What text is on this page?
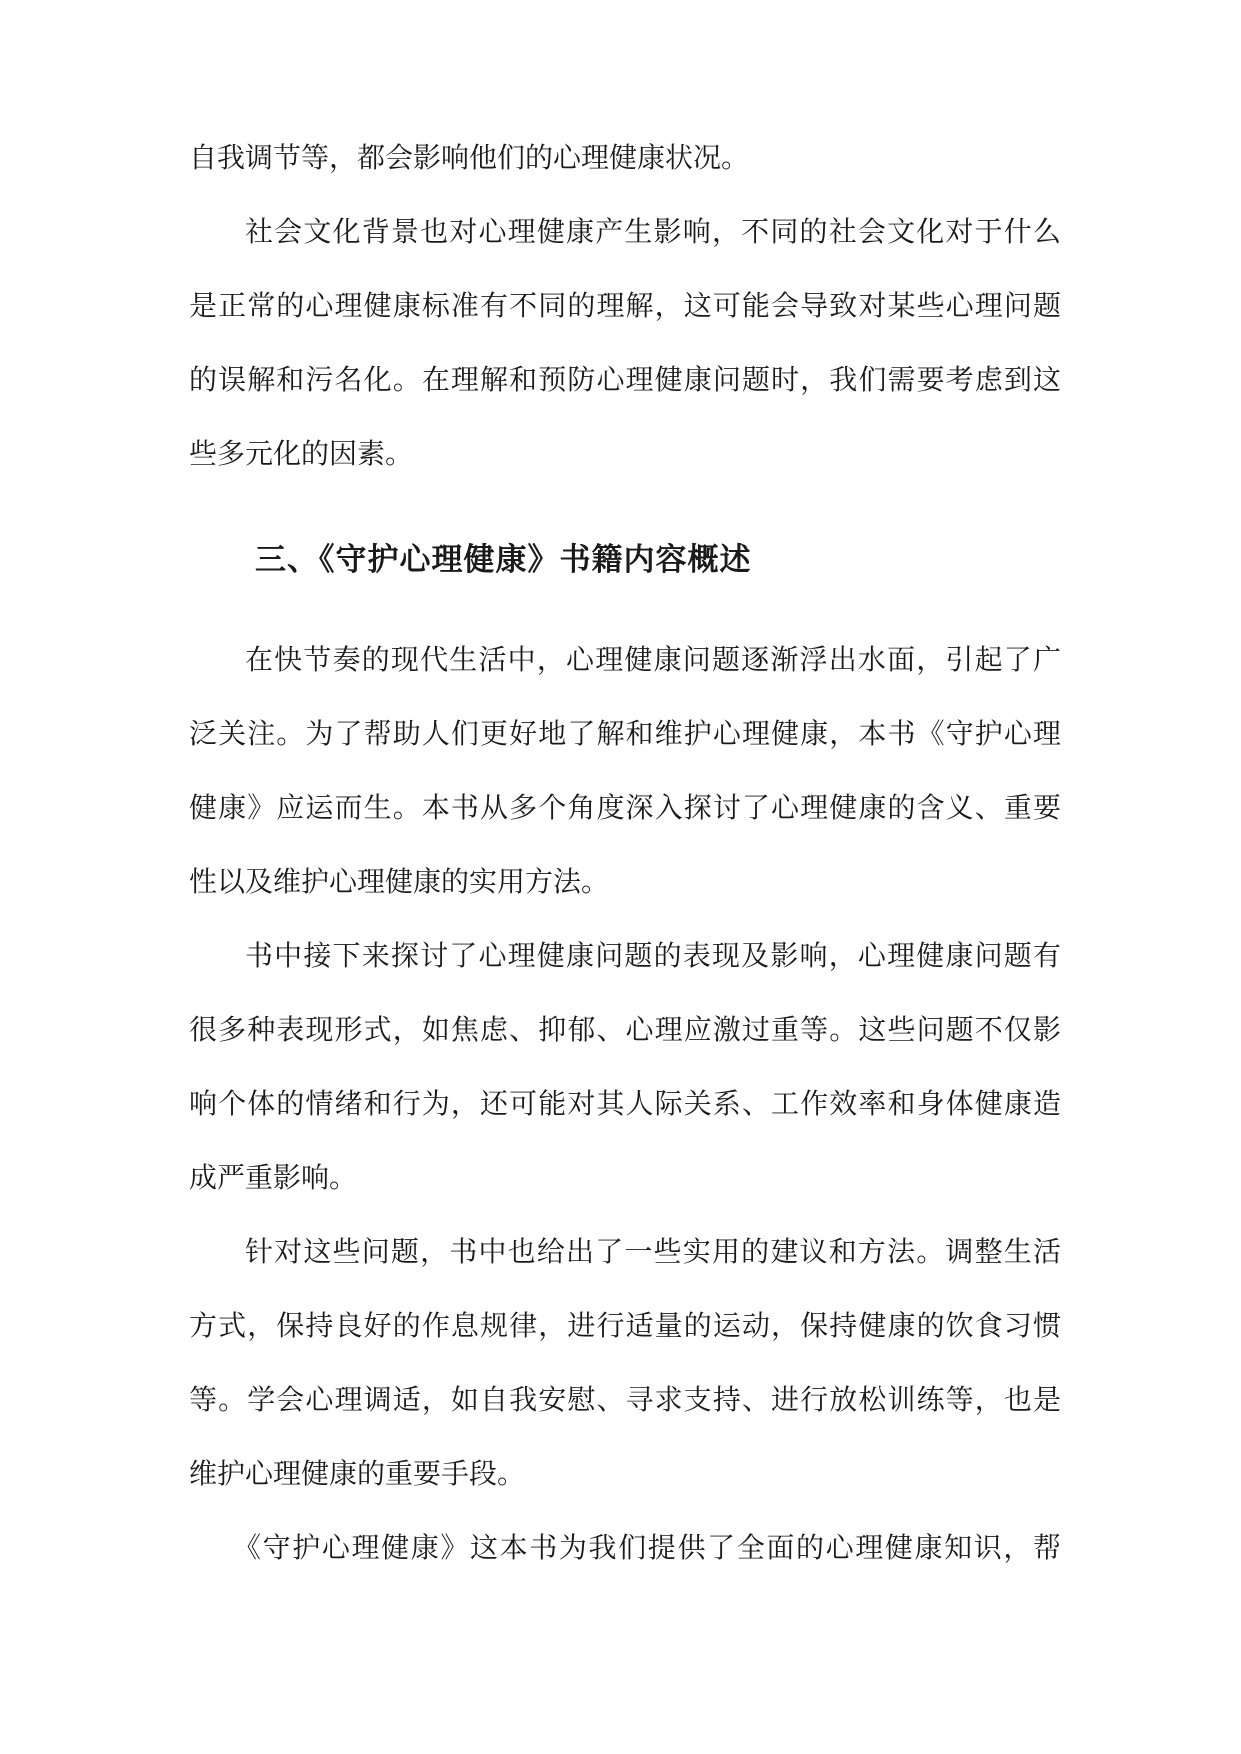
自我调节等，都会影响他们的心理健康状况。
社会文化背景也对心理健康产生影响，不同的社会文化对于什么
是正常的心理健康标准有不同的理解，这可能会导致对某些心理问题
的误解和污名化。在理解和预防心理健康问题时，我们需要考虑到这
些多元化的因素。
三、《守护心理健康》书籍内容概述
在快节奏的现代生活中，心理健康问题逐渐浮出水面，引起了广
泛关注。为了帮助人们更好地了解和维护心理健康，本书《守护心理
健康》应运而生。本书从多个角度深入探讨了心理健康的含义、重要
性以及维护心理健康的实用方法。
书中接下来探讨了心理健康问题的表现及影响，心理健康问题有
很多种表现形式，如焦虑、抑郁、心理应激过重等。这些问题不仅影
响个体的情绪和行为，还可能对其人际关系、工作效率和身体健康造
成严重影响。
针对这些问题，书中也给出了一些实用的建议和方法。调整生活
方式，保持良好的作息规律，进行适量的运动，保持健康的饮食习惯
等。学会心理调适，如自我安慰、寻求支持、进行放松训练等，也是
维护心理健康的重要手段。
《守护心理健康》这本书为我们提供了全面的心理健康知识，帮
